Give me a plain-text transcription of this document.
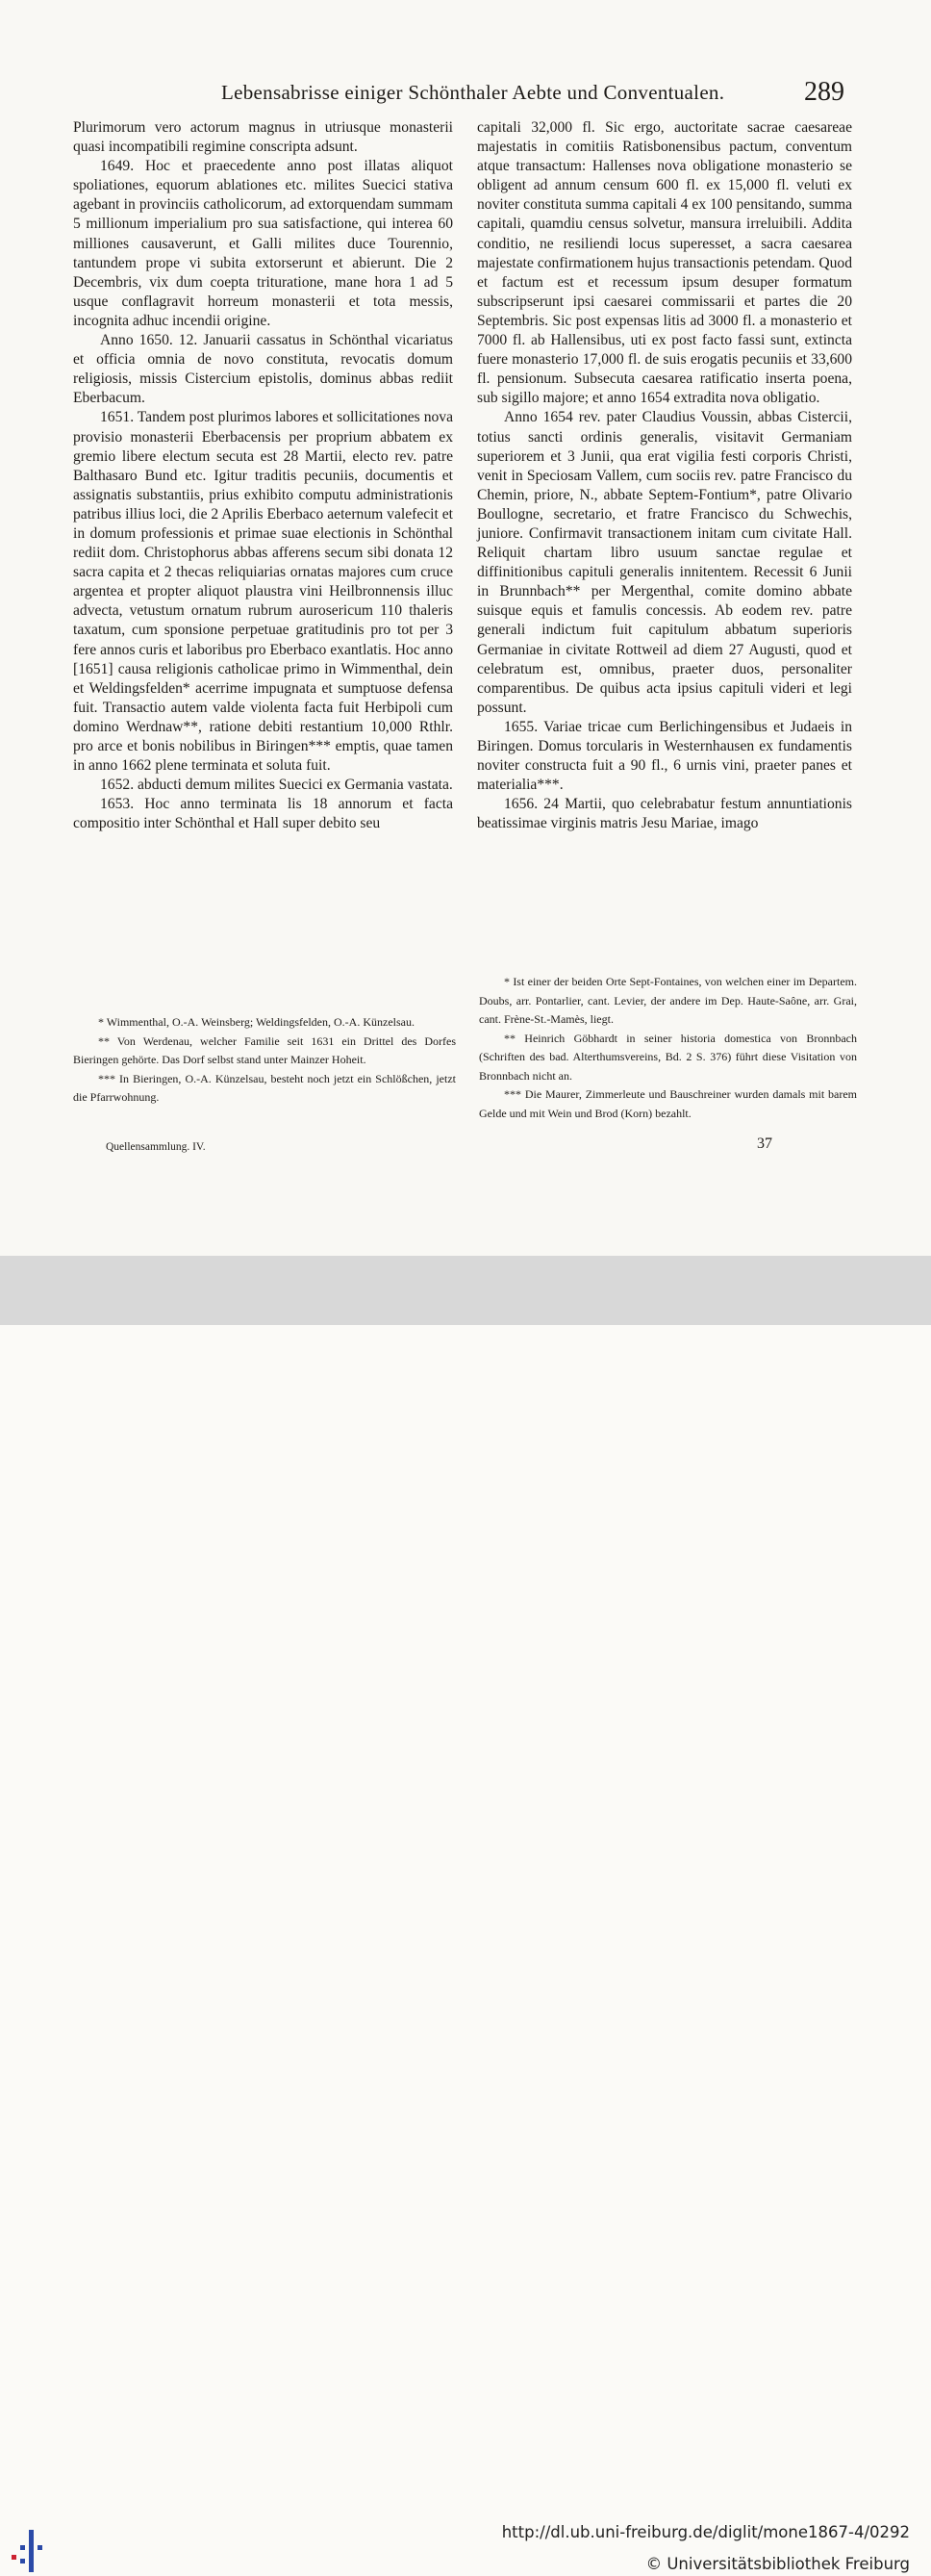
Lebensabrisse einiger Schönthaler Aebte und Conventualen.	289

Plurimorum vero actorum magnus in utriusque monasterii quasi incompatibili regimine conscripta adsunt.

1649. Hoc et praecedente anno post illatas aliquot spoliationes, equorum ablationes etc. milites Suecici stativa agebant in provinciis catholicorum, ad extorquendam summam 5 millionum imperialium pro sua satisfactione, qui interea 60 milliones causaverunt, et Galli milites duce Tourennio, tantundem prope vi subita extorserunt et abierunt. Die 2 Decembris, vix dum coepta trituratione, mane hora 1 ad 5 usque conflagravit horreum monasterii et tota messis, incognita adhuc incendii origine.

Anno 1650. 12. Januarii cassatus in Schönthal vicariatus et officia omnia de novo constituta, revocatis domum religiosis, missis Cistercium epistolis, dominus abbas rediit Eberbacum.

1651. Tandem post plurimos labores et sollicitationes nova provisio monasterii Eberbacensis per proprium abbatem ex gremio libere electum secuta est 28 Martii, electo rev. patre Balthasaro Bund etc. Igitur traditis pecuniis, documentis et assignatis substantiis, prius exhibito computu administrationis patribus illius loci, die 2 Aprilis Eberbaco aeternum valefecit et in domum professionis et primae suae electionis in Schönthal rediit dom. Christophorus abbas afferens secum sibi donata 12 sacra capita et 2 thecas reliquiarias ornatas majores cum cruce argentea et propter aliquot plaustra vini Heilbronnensis illuc advecta, vetustum ornatum rubrum auroserіcum 110 thaleris taxatum, cum sponsione perpetuae gratitudinis pro tot per 3 fere annos curis et laboribus pro Eberbaco exantlatis. Hoc anno [1651] causa religionis catholicae primo in Wimmenthal, dein et Weldingsfelden* acerrime impugnata et sumptuose defensa fuit. Transactio autem valde violenta facta fuit Herbipoli cum domino Werdnaw**, ratione debiti restantium 10,000 Rthlr. pro arce et bonis nobilibus in Biringen*** emptis, quae tamen in anno 1662 plene terminata et soluta fuit.

1652. abducti demum milites Suecici ex Germania vastata.

1653. Hoc anno terminata lis 18 annorum et facta compositio inter Schönthal et Hall super debito seu

capitali 32,000 fl. Sic ergo, auctoritate sacrae caesareae majestatis in comitiis Ratisbonensibus pactum, conventum atque transactum: Hallenses nova obligatione monasterio se obligent ad annum censum 600 fl. ex 15,000 fl. veluti ex noviter constituta summa capitali 4 ex 100 pensitando, summa capitali, quamdiu census solvetur, mansura irreluibili. Addita conditio, ne resiliendi locus superesset, a sacra caesarea majestate confirmationem hujus transactionis petendam. Quod et factum est et recessum ipsum desuper formatum subscripserunt ipsi caesarei commissarii et partes die 20 Septembris. Sic post expensas litis ad 3000 fl. a monasterio et 7000 fl. ab Hallensibus, uti ex post facto fassi sunt, extincta fuere monasterio 17,000 fl. de suis erogatis pecuniis et 33,600 fl. pensionum. Subsecuta caesarea ratificatio inserta poena, sub sigillo majore; et anno 1654 extradita nova obligatio.

Anno 1654 rev. pater Claudius Voussin, abbas Cistercii, totius sancti ordinis generalis, visitavit Germaniam superiorem et 3 Junii, qua erat vigilia festi corporis Christi, venit in Speciosam Vallem, cum sociis rev. patre Francisco du Chemin, priore, N., abbate Septem-Fontium*, patre Olivario Boullogne, secretario, et fratre Francisco du Schwechis, juniore. Confirmavit transactionem initam cum civitate Hall. Reliquit chartam libro usuum sanctae regulae et diffinitionibus capituli generalis innitentem. Recessit 6 Junii in Brunnbach** per Mergenthal, comite domino abbate suisque equis et famulis concessis. Ab eodem rev. patre generali indictum fuit capitulum abbatum superioris Germaniae in civitate Rottweil ad diem 27 Augusti, quod et celebratum est, omnibus, praeter duos, personaliter comparentibus. De quibus acta ipsius capituli videri et legi possunt.

1655. Variae tricae cum Berlichingensibus et Judaeis in Biringen. Domus torcularis in Westernhausen ex fundamentis noviter constructa fuit a 90 fl., 6 urnis vini, praeter panes et materialia***.

1656. 24 Martii, quo celebrabatur festum annuntiationis beatissimae virginis matris Jesu Mariae, imago

* Wimmenthal, O.-A. Weinsberg; Weldingsfelden, O.-A. Künzelsau.

** Von Werdenau, welcher Familie seit 1631 ein Drittel des Dorfes Bieringen gehörte. Das Dorf selbst stand unter Mainzer Hoheit.

*** In Bieringen, O.-A. Künzelsau, besteht noch jetzt ein Schlößchen, jetzt die Pfarrwohnung.

Quellensammlung. IV.

* Ist einer der beiden Orte Sept-Fontaines, von welchen einer im Departem. Doubs, arr. Pontarlier, cant. Levier, der andere im Dep. Haute-Saône, arr. Grai, cant. Frène-St.-Mamès, liegt.

** Heinrich Göbhardt in seiner historia domestica von Bronnbach (Schriften des bad. Alterthumsvereins, Bd. 2 S. 376) führt diese Visitation von Bronnbach nicht an.

*** Die Maurer, Zimmerleute und Bauschreiner wurden damals mit barem Gelde und mit Wein und Brod (Korn) bezahlt.

37
http://dl.ub.uni-freiburg.de/diglit/mone1867-4/0292
© Universitätsbibliothek Freiburg
